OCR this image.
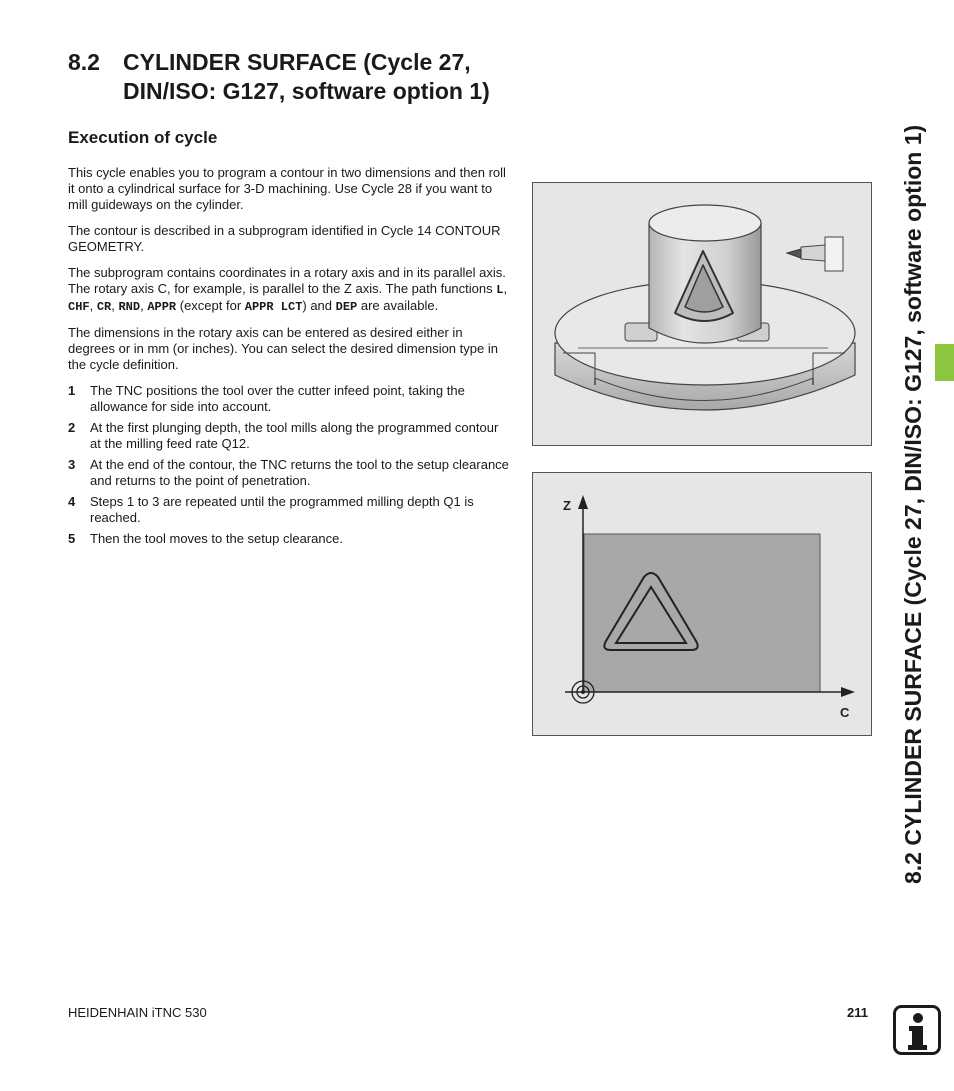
8.2 CYLINDER SURFACE (Cycle 27,
DIN/ISO: G127, software option 1)
Execution of cycle

This cycle enables you to program a contour in two dimensions and then roll it onto a cylindrical surface for 3-D machining. Use Cycle 28 if you want to mill guideways on the cylinder.

The contour is described in a subprogram identified in Cycle 14 CONTOUR GEOMETRY.

The subprogram contains coordinates in a rotary axis and in its parallel axis. The rotary axis C, for example, is parallel to the Z axis. The path functions L, CHF, CR, RND, APPR (except for APPR LCT) and DEP are available.

The dimensions in the rotary axis can be entered as desired either in degrees or in mm (or inches). You can select the desired dimension type in the cycle definition.

1	The TNC positions the tool over the cutter infeed point, taking the allowance for side into account.
2	At the first plunging depth, the tool mills along the programmed contour at the milling feed rate Q12.
3	At the end of the contour, the TNC returns the tool to the setup clearance and returns to the point of penetration.
4	Steps 1 to 3 are repeated until the programmed milling depth Q1 is reached.
5	Then the tool moves to the setup clearance.
Z
C 8.2 CYLINDER SURFACE (Cycle 27, DIN/ISO: G127, software option 1)
HEIDENHAIN iTNC 530	211
